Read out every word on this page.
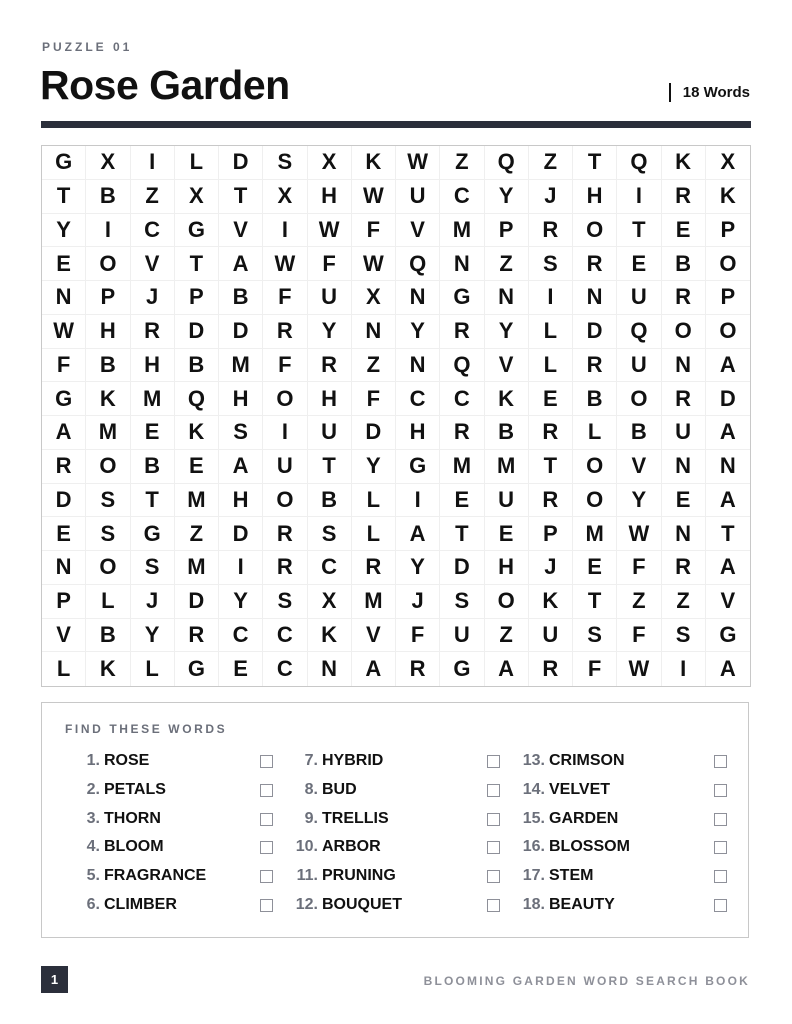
PUZZLE 01
Rose Garden	18 Words
G	X	I	L	D	S	X	K	W	Z	Q	Z	T	Q	K	X
T	B	Z	X	T	X	H	W	U	C	Y	J	H	I	R	K
Y	I	C	G	V	I	W	F	V	M	P	R	O	T	E	P
E	O	V	T	A	W	F	W	Q	N	Z	S	R	E	B	O
N	P	J	P	B	F	U	X	N	G	N	I	N	U	R	P
W	H	R	D	D	R	Y	N	Y	R	Y	L	D	Q	O	O
F	B	H	B	M	F	R	Z	N	Q	V	L	R	U	N	A
G	K	M	Q	H	O	H	F	C	C	K	E	B	O	R	D
A	M	E	K	S	I	U	D	H	R	B	R	L	B	U	A
R	O	B	E	A	U	T	Y	G	M	M	T	O	V	N	N
D	S	T	M	H	O	B	L	I	E	U	R	O	Y	E	A
E	S	G	Z	D	R	S	L	A	T	E	P	M	W	N	T
N	O	S	M	I	R	C	R	Y	D	H	J	E	F	R	A
P	L	J	D	Y	S	X	M	J	S	O	K	T	Z	Z	V
V	B	Y	R	C	C	K	V	F	U	Z	U	S	F	S	G
L	K	L	G	E	C	N	A	R	G	A	R	F	W	I	A
FIND THESE WORDS
1. ROSE
2. PETALS
3. THORN
4. BLOOM
5. FRAGRANCE
6. CLIMBER
7. HYBRID
8. BUD
9. TRELLIS
10. ARBOR
11. PRUNING
12. BOUQUET
13. CRIMSON
14. VELVET
15. GARDEN
16. BLOSSOM
17. STEM
18. BEAUTY
1	BLOOMING GARDEN WORD SEARCH BOOK
